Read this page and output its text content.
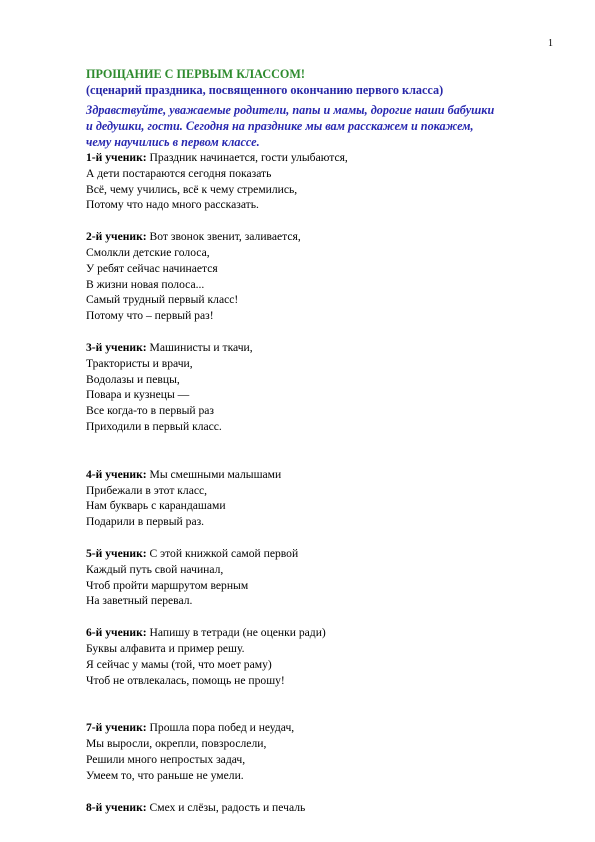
1
ПРОЩАНИЕ С ПЕРВЫМ КЛАССОМ!
(сценарий праздника, посвященного окончанию первого класса)
Здравствуйте, уважаемые родители, папы и мамы, дорогие наши бабушки
и дедушки, гости. Сегодня на празднике мы вам расскажем и покажем,
чему научились в первом классе.
1-й ученик: Праздник начинается, гости улыбаются,
А дети постараются сегодня показать
Всё, чему учились, всё к чему стремились,
Потому что надо много рассказать.
2-й ученик: Вот звонок звенит, заливается,
Смолкли детские голоса,
У ребят сейчас начинается
В жизни новая полоса...
Самый трудный первый класс!
Потому что – первый раз!
3-й ученик: Машинисты и ткачи,
Трактористы и врачи,
Водолазы и певцы,
Повара и кузнецы —
Все когда-то в первый раз
Приходили в первый класс.
4-й ученик: Мы смешными малышами
Прибежали в этот класс,
Нам букварь с карандашами
Подарили в первый раз.
5-й ученик: С этой книжкой самой первой
Каждый путь свой начинал,
Чтоб пройти маршрутом верным
На заветный перевал.
6-й ученик: Напишу в тетради (не оценки ради)
Буквы алфавита и пример решу.
Я сейчас у мамы (той, что моет раму)
Чтоб не отвлекалась, помощь не прошу!
7-й ученик: Прошла пора побед и неудач,
Мы выросли, окрепли, повзрослели,
Решили много непростых задач,
Умеем то, что раньше не умели.
8-й ученик: Смех и слёзы, радость и печаль
